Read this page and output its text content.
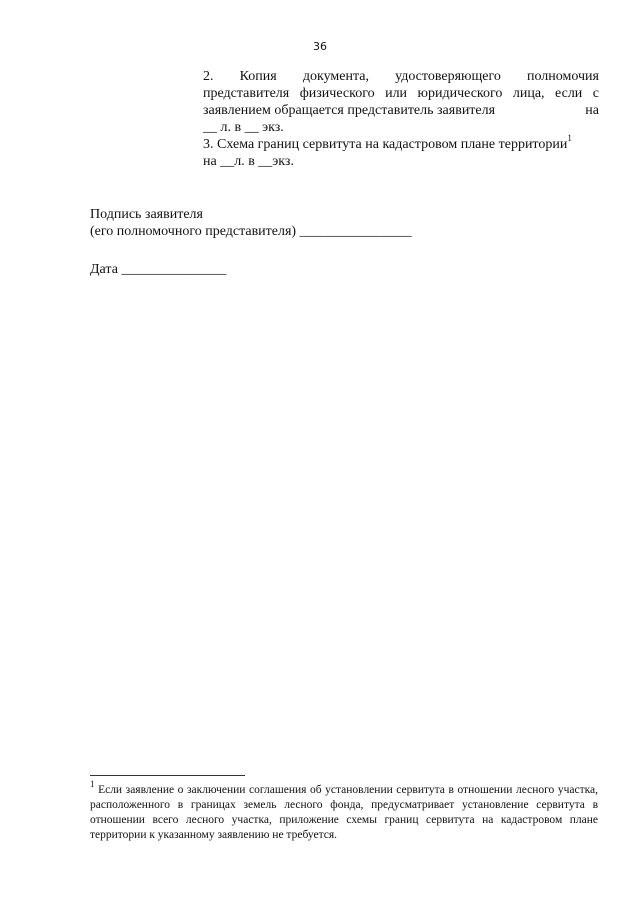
36
2. Копия документа, удостоверяющего полномочия
представителя физического или юридического лица, если с
заявлением обращается представитель заявителя	на
__ л. в __ экз.
3. Схема границ сервитута на кадастровом плане территории$^1$
на __л. в __экз.
Подпись заявителя
(его полномочного представителя) ________________
Дата _______________
$^1$ Если заявление о заключении соглашения об установлении сервитута в отношении лесного участка, расположенного в границах земель лесного фонда, предусматривает установление сервитута в отношении всего лесного участка, приложение схемы границ сервитута на кадастровом плане территории к указанному заявлению не требуется.
